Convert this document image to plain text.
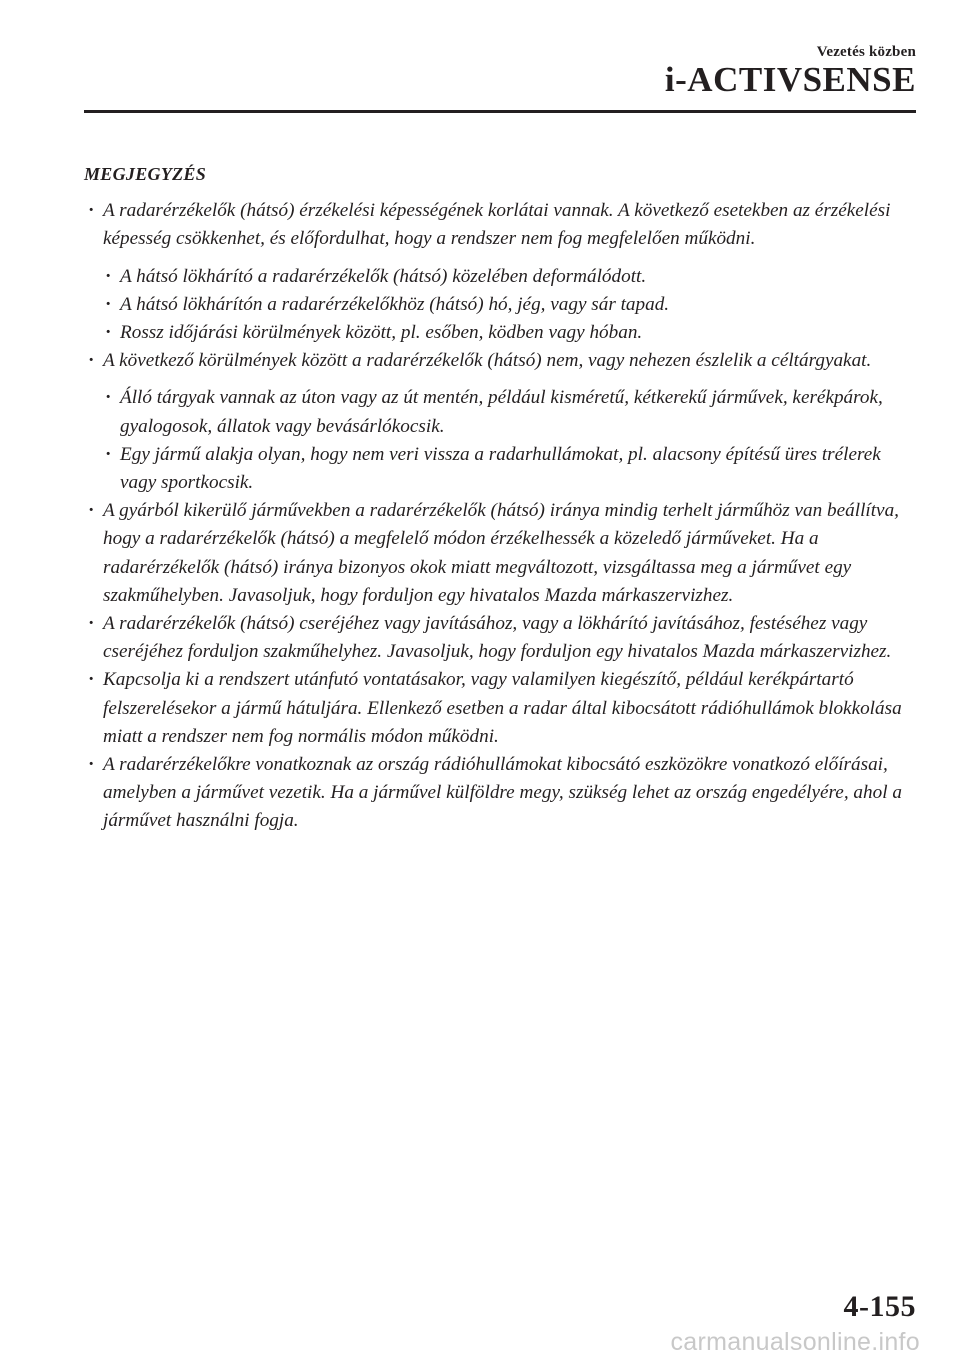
Vezetés közben
i-ACTIVSENSE
MEGJEGYZÉS
· A radarérzékelők (hátsó) érzékelési képességének korlátai vannak. A következő esetekben az érzékelési képesség csökkenhet, és előfordulhat, hogy a rendszer nem fog megfelelően működni.
· A hátsó lökhárító a radarérzékelők (hátsó) közelében deformálódott.
· A hátsó lökhárítón a radarérzékelőkhöz (hátsó) hó, jég, vagy sár tapad.
· Rossz időjárási körülmények között, pl. esőben, ködben vagy hóban.
· A következő körülmények között a radarérzékelők (hátsó) nem, vagy nehezen észlelik a céltárgyakat.
· Álló tárgyak vannak az úton vagy az út mentén, például kisméretű, kétkerekű járművek, kerékpárok, gyalogosok, állatok vagy bevásárlókocsik.
· Egy jármű alakja olyan, hogy nem veri vissza a radarhullámokat, pl. alacsony építésű üres trélerek vagy sportkocsik.
· A gyárból kikerülő járművekben a radarérzékelők (hátsó) iránya mindig terhelt járműhöz van beállítva, hogy a radarérzékelők (hátsó) a megfelelő módon érzékelhessék a közeledő járműveket. Ha a radarérzékelők (hátsó) iránya bizonyos okok miatt megváltozott, vizsgáltassa meg a járművet egy szakműhelyben. Javasoljuk, hogy forduljon egy hivatalos Mazda márkaszervizhez.
· A radarérzékelők (hátsó) cseréjéhez vagy javításához, vagy a lökhárító javításához, festéséhez vagy cseréjéhez forduljon szakműhelyhez. Javasoljuk, hogy forduljon egy hivatalos Mazda márkaszervizhez.
· Kapcsolja ki a rendszert utánfutó vontatásakor, vagy valamilyen kiegészítő, például kerékpártartó felszerelésekor a jármű hátuljára. Ellenkező esetben a radar által kibocsátott rádióhullámok blokkolása miatt a rendszer nem fog normális módon működni.
· A radarérzékelőkre vonatkoznak az ország rádióhullámokat kibocsátó eszközökre vonatkozó előírásai, amelyben a járművet vezetik. Ha a járművel külföldre megy, szükség lehet az ország engedélyére, ahol a járművet használni fogja.
4-155
carmanualsonline.info
